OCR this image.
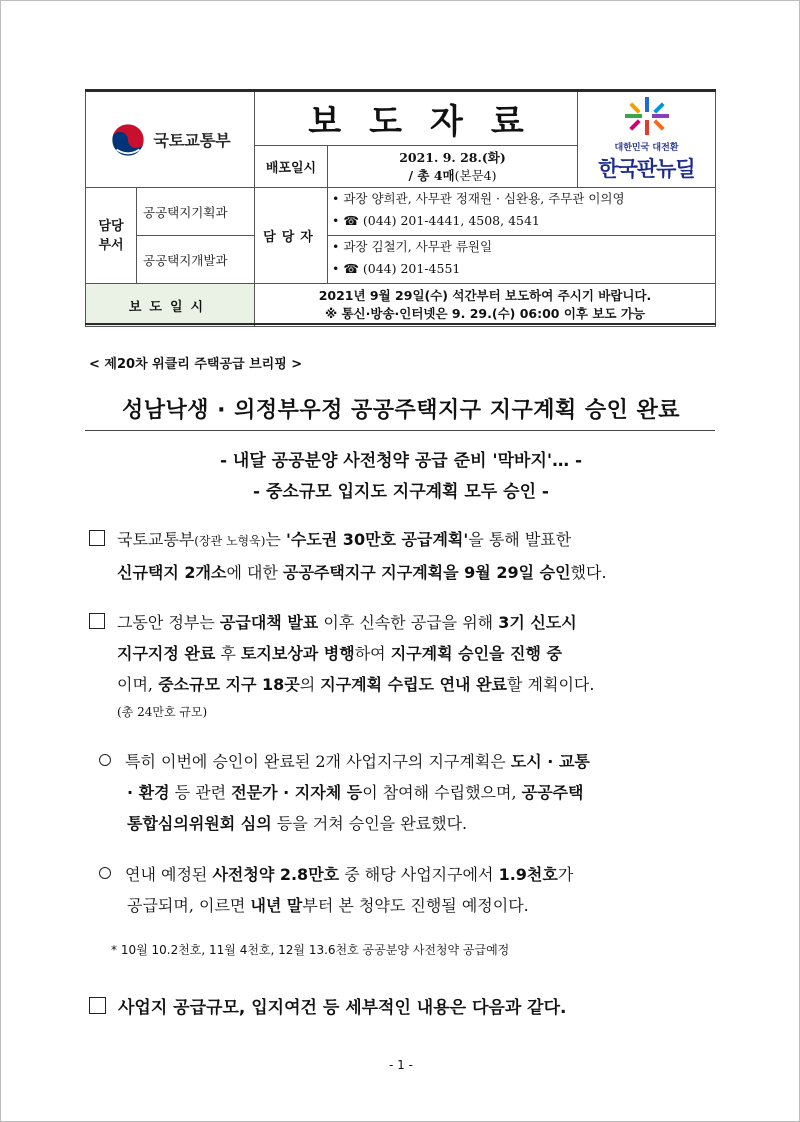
국토교통부 보도자료
배포일시
2021. 9. 28.(화)
/ 총 4매(본문4)
대한민국 대전환
한국판뉴딜
담당
부서
공공택지기획과
공공택지개발과
담당자
• 과장 양희관, 사무관 정재원 · 심완용, 주무관 이의영
• ☎ (044) 201-4441, 4508, 4541
• 과장 김철기, 사무관 류원일
• ☎ (044) 201-4551
보도일시
2021년 9월 29일(수) 석간부터 보도하여 주시기 바랍니다.
※ 통신·방송·인터넷은 9. 29.(수) 06:00 이후 보도 가능
< 제20차 위클리 주택공급 브리핑 >
성남낙생 · 의정부우정 공공주택지구 지구계획 승인 완료
- 내달 공공분양 사전청약 공급 준비 '막바지'… -
- 중소규모 입지도 지구계획 모두 승인 -
국토교통부(장관 노형욱)는 '수도권 30만호 공급계획'을 통해 발표한
신규택지 2개소에 대한 공공주택지구 지구계획을 9월 29일 승인했다.
그동안 정부는 공급대책 발표 이후 신속한 공급을 위해 3기 신도시
지구지정 완료 후 토지보상과 병행하여 지구계획 승인을 진행 중
이며, 중소규모 지구 18곳의 지구계획 수립도 연내 완료할 계획이다.
(총 24만호 규모)
특히 이번에 승인이 완료된 2개 사업지구의 지구계획은 도시 · 교통
· 환경 등 관련 전문가 · 지자체 등이 참여해 수립했으며, 공공주택
통합심의위원회 심의 등을 거쳐 승인을 완료했다.
연내 예정된 사전청약 2.8만호 중 해당 사업지구에서 1.9천호가
공급되며, 이르면 내년 말부터 본 청약도 진행될 예정이다.
* 10월 10.2천호, 11월 4천호, 12월 13.6천호 공공분양 사전청약 공급예정
사업지 공급규모, 입지여건 등 세부적인 내용은 다음과 같다.
- 1 -
